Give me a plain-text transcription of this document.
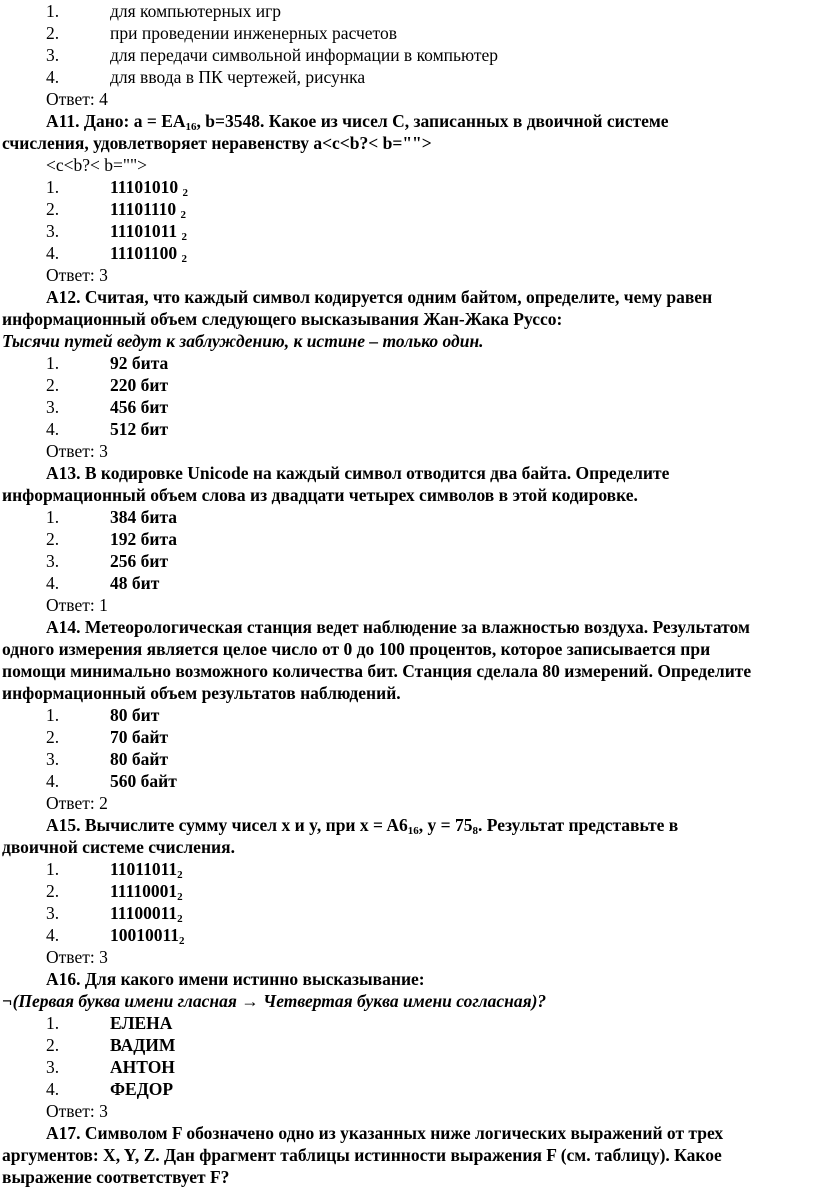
1.	для компьютерных игр
2.	при проведении инженерных расчетов
3.	для передачи символьной информации в компьютер
4.	для ввода в ПК чертежей, рисунка
Ответ: 4
А11. Дано: a = EA16, b=3548. Какое из чисел С, записанных в двоичной системе
счисления, удовлетворяет неравенству a<c<b?< b="">
<c<b?< b="">
1.	11101010 2
2.	11101110 2
3.	11101011 2
4.	11101100 2
Ответ: 3
А12. Считая, что каждый символ кодируется одним байтом, определите, чему равен
информационный объем следующего высказывания Жан-Жака Руссо:
Тысячи путей ведут к заблуждению, к истине – только один.
1.	92 бита
2.	220 бит
3.	456 бит
4.	512 бит
Ответ: 3
А13. В кодировке Unicode на каждый символ отводится два байта. Определите
информационный объем слова из двадцати четырех символов в этой кодировке.
1.	384 бита
2.	192 бита
3.	256 бит
4.	48 бит
Ответ: 1
А14. Метеорологическая станция ведет наблюдение за влажностью воздуха. Результатом
одного измерения является целое число от 0 до 100 процентов, которое записывается при
помощи минимально возможного количества бит. Станция сделала 80 измерений. Определите
информационный объем результатов наблюдений.
1.	80 бит
2.	70 байт
3.	80 байт
4.	560 байт
Ответ: 2
А15. Вычислите сумму чисел x и y, при x = A616, y = 758. Результат представьте в
двоичной системе счисления.
1.	110110112
2.	111100012
3.	111000112
4.	100100112
Ответ: 3
А16. Для какого имени истинно высказывание:
¬(Первая буква имени гласная → Четвертая буква имени согласная)?
1.	ЕЛЕНА
2.	ВАДИМ
3.	АНТОН
4.	ФЕДОР
Ответ: 3
А17. Символом F обозначено одно из указанных ниже логических выражений от трех
аргументов: X, Y, Z. Дан фрагмент таблицы истинности выражения F (см. таблицу). Какое
выражение соответствует F?
